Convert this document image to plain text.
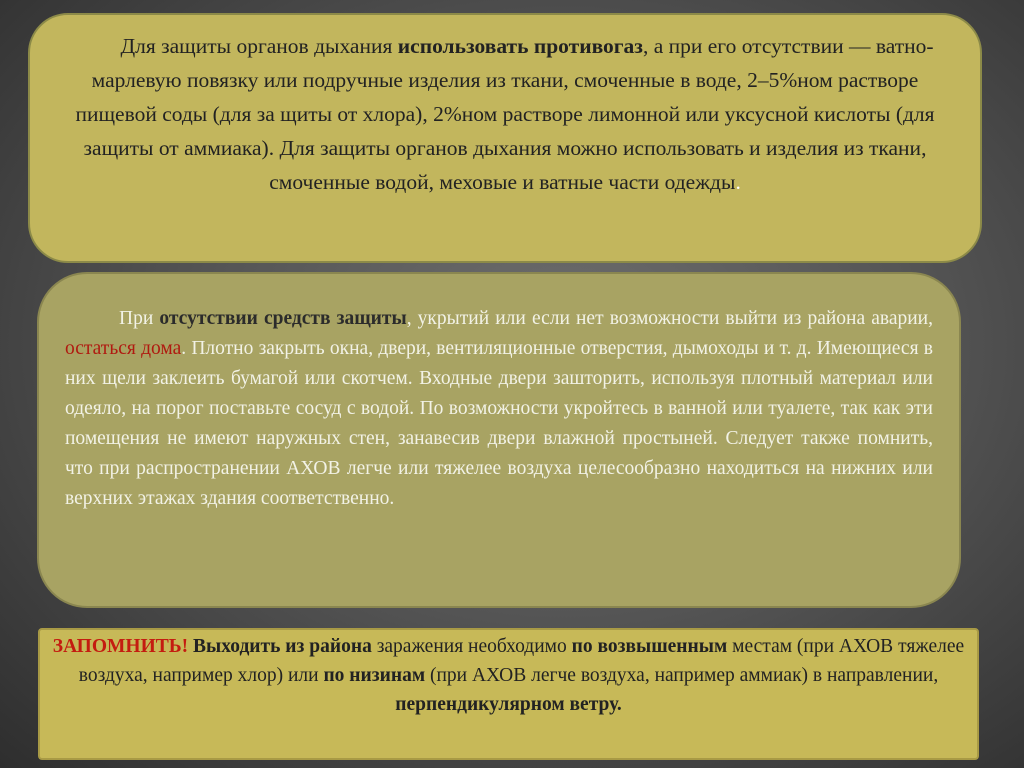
Для защиты органов дыхания использовать противогаз, а при его отсутствии — ватно-марлевую повязку или подручные изделия из ткани, смоченные в воде, 2–5%ном растворе пищевой соды (для за щиты от хлора), 2%ном растворе лимонной или уксусной кислоты (для защиты от аммиака). Для защиты органов дыхания можно использовать и изделия из ткани, смоченные водой, меховые и ватные части одежды.

При отсутствии средств защиты, укрытий или если нет возможности выйти из района аварии, остаться дома. Плотно закрыть окна, двери, вентиляционные отверстия, дымоходы и т. д. Имеющиеся в них щели заклеить бумагой или скотчем. Входные двери зашторить, используя плотный материал или одеяло, на порог поставьте сосуд с водой. По возможности укройтесь в ванной или туалете, так как эти помещения не имеют наружных стен, занавесив двери влажной простыней. Следует также помнить, что при распространении АХОВ легче или тяжелее воздуха целесообразно находиться на нижних или верхних этажах здания соответственно.

ЗАПОМНИТЬ! Выходить из района заражения необходимо по возвышенным местам (при АХОВ тяжелее воздуха, например хлор) или по низинам (при АХОВ легче воздуха, например аммиак) в направлении, перпендикулярном ветру.
